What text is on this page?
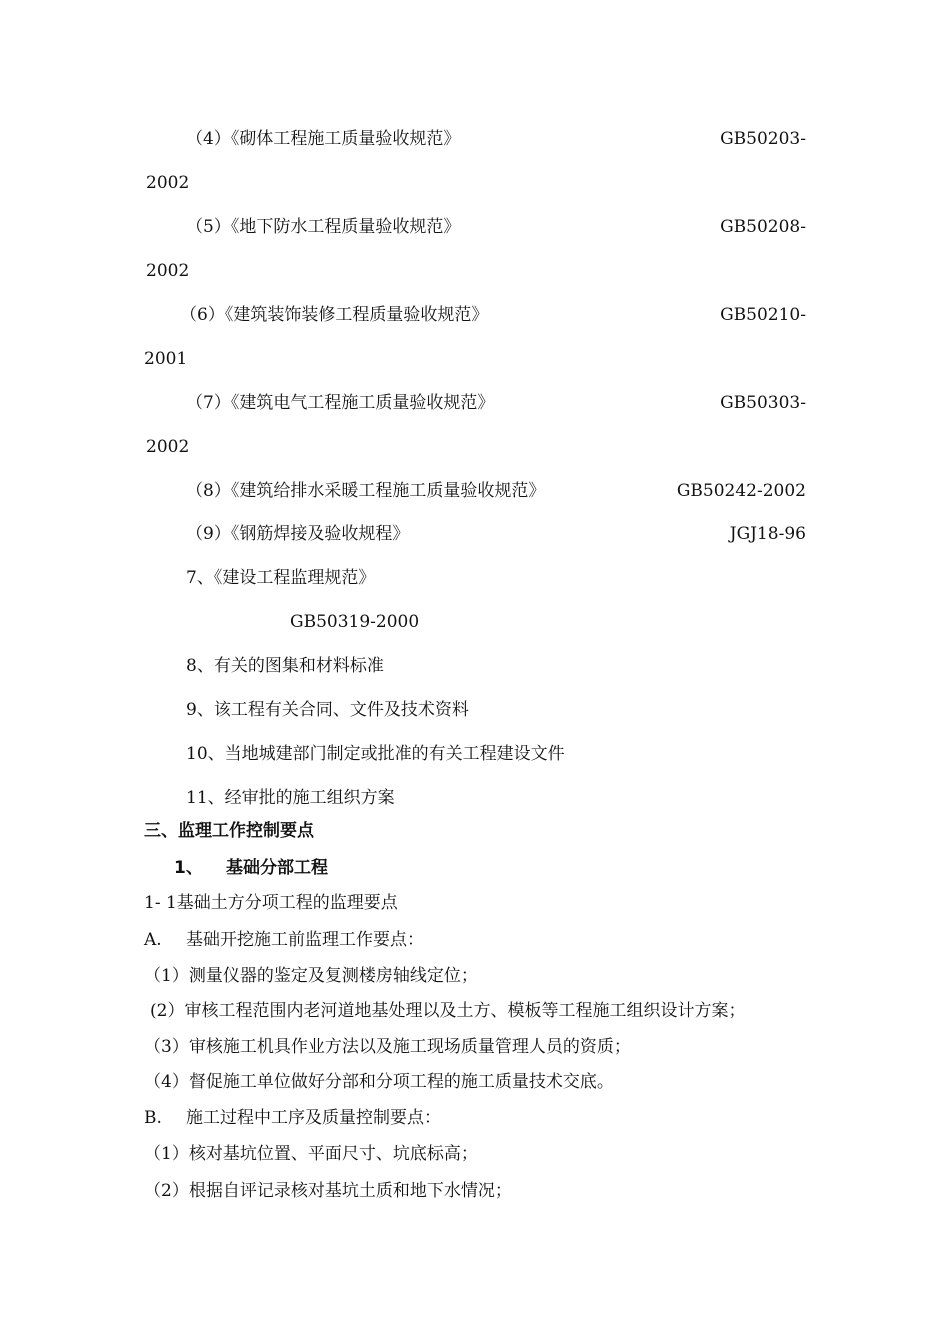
（4）《砌体工程施工质量验收规范》	GB50203-
2002
（5）《地下防水工程质量验收规范》	GB50208-
2002
（6）《建筑装饰装修工程质量验收规范》	GB50210-
2001
（7）《建筑电气工程施工质量验收规范》	GB50303-
2002
（8）《建筑给排水采暖工程施工质量验收规范》	GB50242-2002
（9）《钢筋焊接及验收规程》	JGJ18-96
7、《建设工程监理规范》
GB50319-2000
8、有关的图集和材料标准
9、该工程有关合同、文件及技术资料
10、当地城建部门制定或批准的有关工程建设文件
11、经审批的施工组织方案
三、监理工作控制要点
1、 基础分部工程
1- 1基础土方分项工程的监理要点
A. 基础开挖施工前监理工作要点：
（1）测量仪器的鉴定及复测楼房轴线定位；
(2）审核工程范围内老河道地基处理以及土方、模板等工程施工组织设计方案；
（3）审核施工机具作业方法以及施工现场质量管理人员的资质；
（4）督促施工单位做好分部和分项工程的施工质量技术交底。
B. 施工过程中工序及质量控制要点：
（1）核对基坑位置、平面尺寸、坑底标高；
（2）根据自评记录核对基坑土质和地下水情况；
